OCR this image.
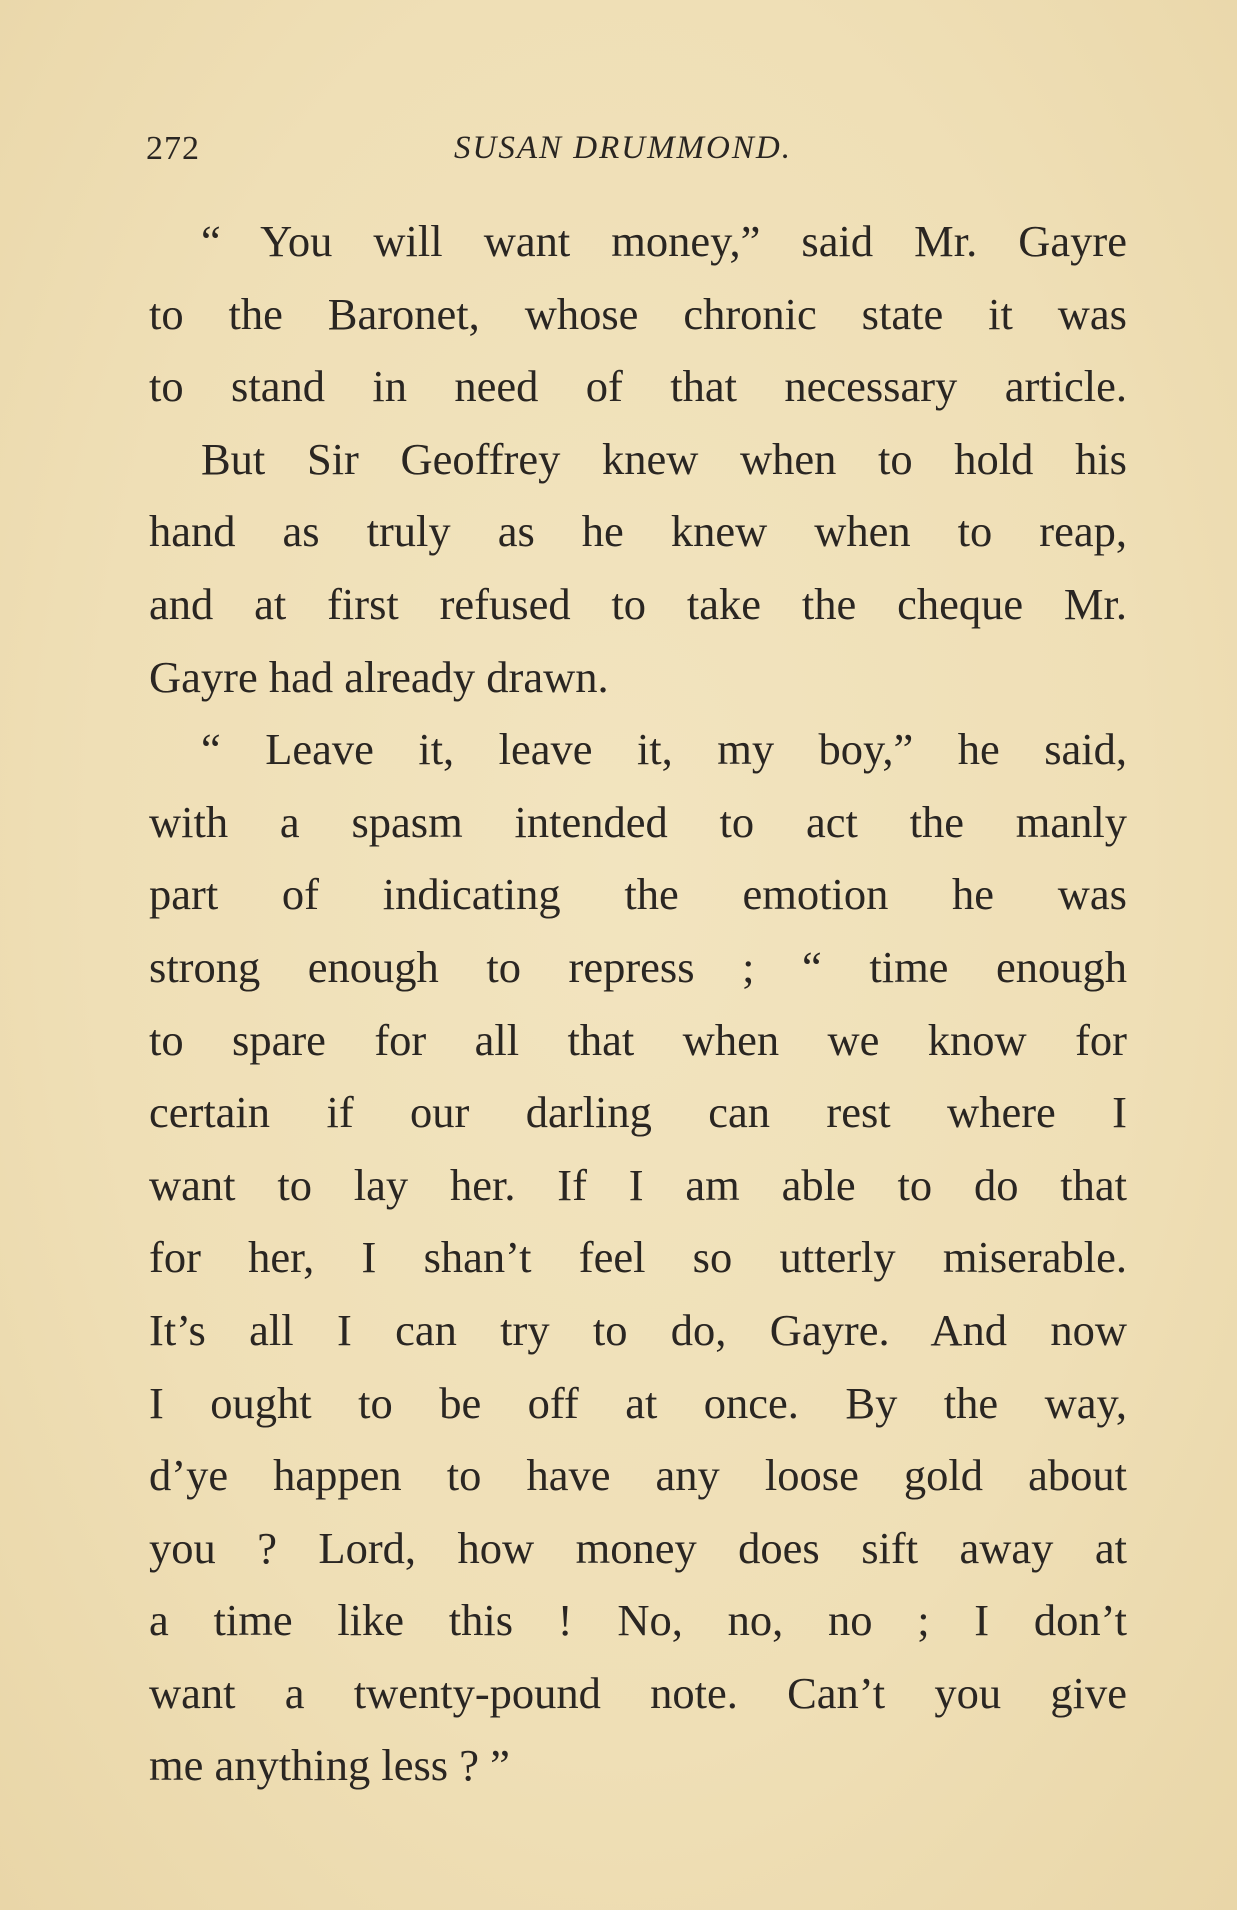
272	SUSAN DRUMMOND.
“ You will want money,” said Mr. Gayre
to the Baronet, whose chronic state it was
to stand in need of that necessary article.
But Sir Geoffrey knew when to hold his
hand as truly as he knew when to reap,
and at first refused to take the cheque Mr.
Gayre had already drawn.
“ Leave it, leave it, my boy,” he said,
with a spasm intended to act the manly
part of indicating the emotion he was
strong enough to repress ; “ time enough
to spare for all that when we know for
certain if our darling can rest where I
want to lay her. If I am able to do that
for her, I shan’t feel so utterly miserable.
It’s all I can try to do, Gayre. And now
I ought to be off at once. By the way,
d’ye happen to have any loose gold about
you ? Lord, how money does sift away at
a time like this ! No, no, no ; I don’t
want a twenty-pound note. Can’t you give
me anything less ? ”
